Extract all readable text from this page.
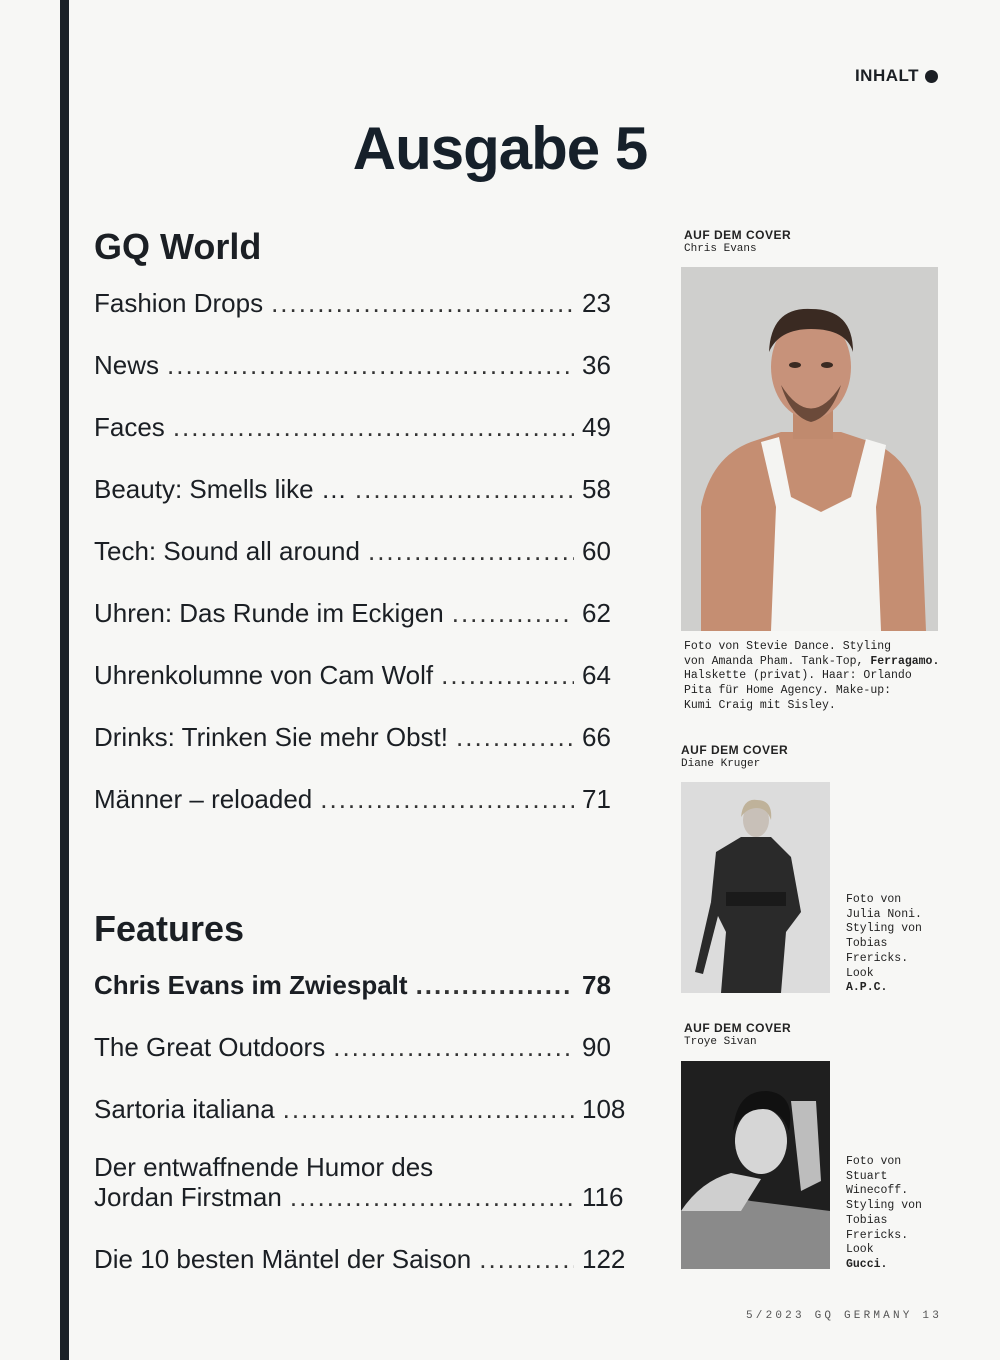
INHALT
Ausgabe 5
GQ World
Fashion Drops .....	23
News .....	36
Faces .....	49
Beauty: Smells like … .....	58
Tech: Sound all around .....	60
Uhren: Das Runde im Eckigen .....	62
Uhrenkolumne von Cam Wolf .....	64
Drinks: Trinken Sie mehr Obst! .....	66
Männer – reloaded .....	71
Features
Chris Evans im Zwiespalt .....	78
The Great Outdoors .....	90
Sartoria italiana .....	108
Der entwaffnende Humor des
Jordan Firstman .....	116
Die 10 besten Mäntel der Saison .....	122
AUF DEM COVER
Chris Evans
Foto von Stevie Dance. Styling
von Amanda Pham. Tank-Top, Ferragamo.
Halskette (privat). Haar: Orlando
Pita für Home Agency. Make-up:
Kumi Craig mit Sisley.
AUF DEM COVER
Diane Kruger
Foto von
Julia Noni.
Styling von
Tobias
Frericks.
Look
A.P.C.
AUF DEM COVER
Troye Sivan
Foto von
Stuart
Winecoff.
Styling von
Tobias
Frericks.
Look
Gucci.
5/2023 GQ GERMANY 13
